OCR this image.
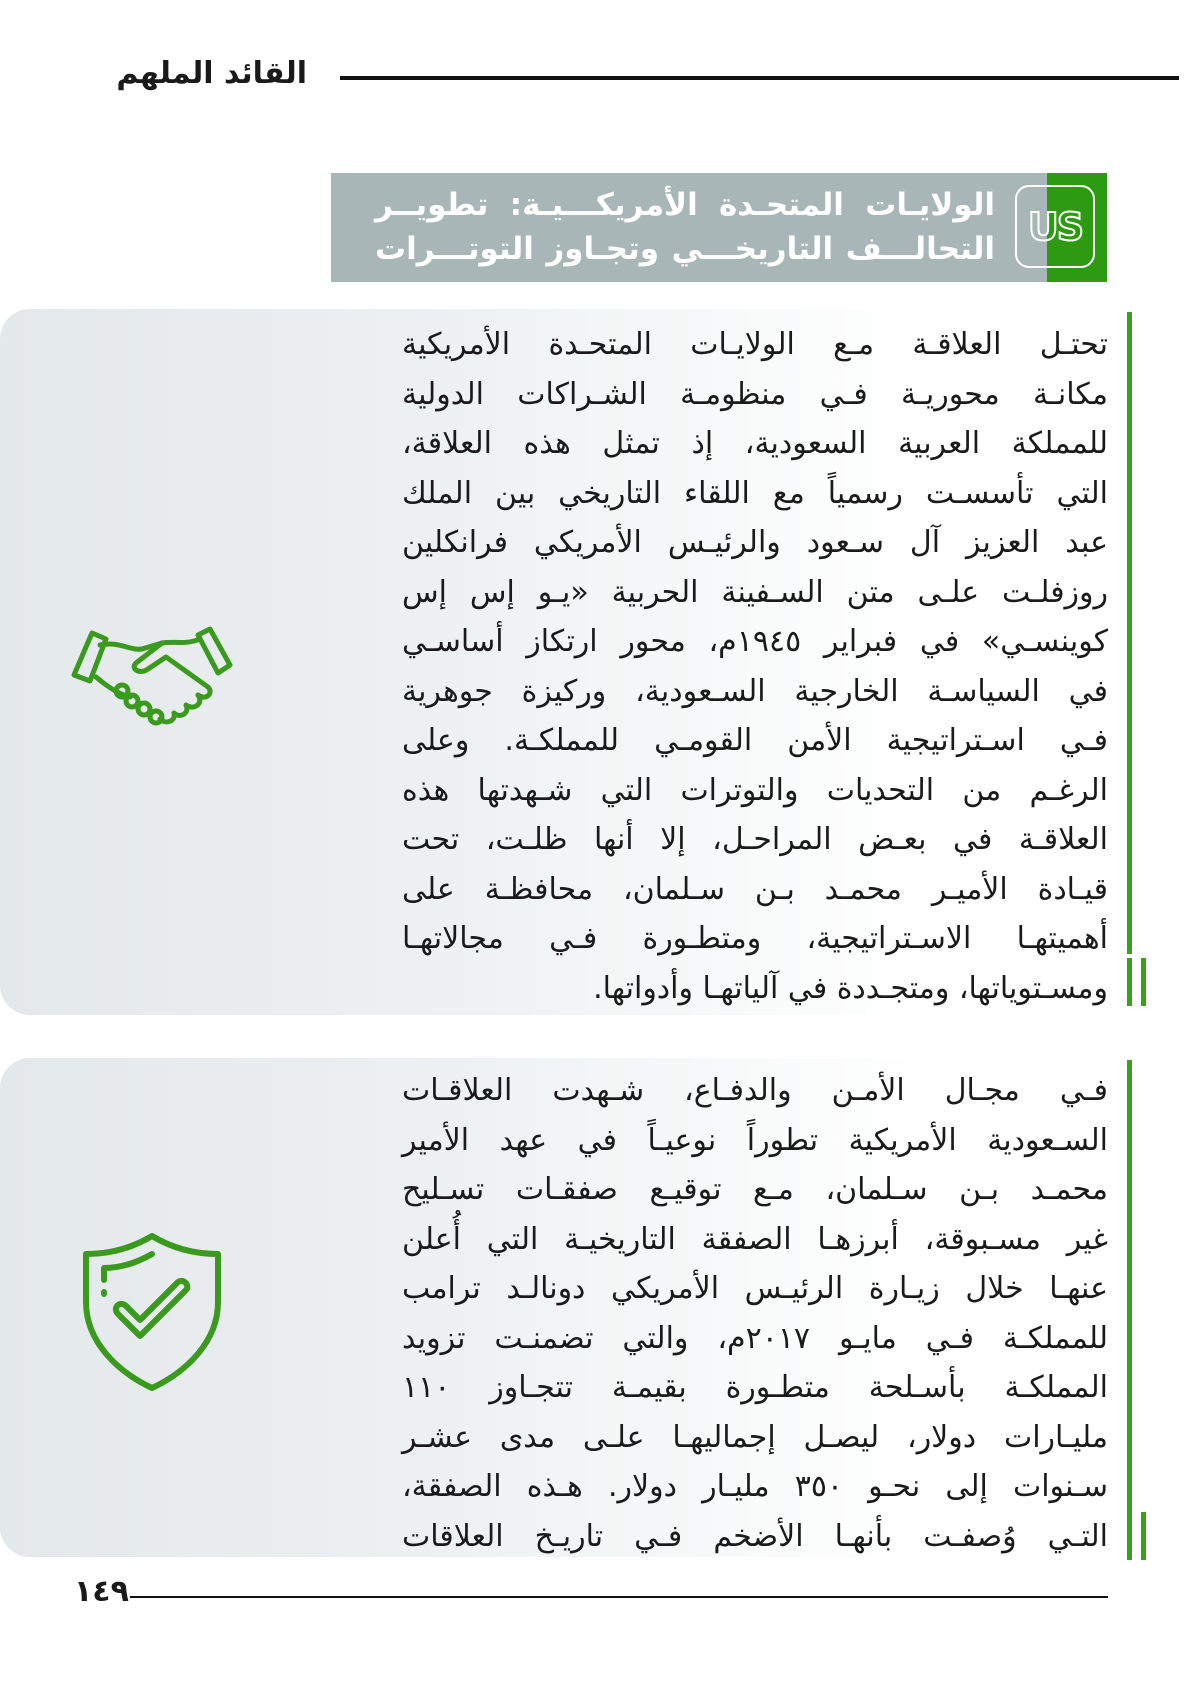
القائد الملهم
US
الولايـات المتحـدة الأمريكـــيـة: تطويــر
التحالـــف التاريخـــي وتجـاوز التوتـــرات
تحتـل العلاقـة مـع الولايـات المتحـدة الأمريكية
مكانـة محوريـة فـي منظومـة الشـراكات الدولية
للمملكة العربية السعودية، إذ تمثل هذه العلاقة،
التي تأسسـت رسمياً مع اللقاء التاريخي بين الملك
عبد العزيز آل سـعود والرئيـس الأمريكي فرانكلين
روزفلـت علـى متن السـفينة الحربية «يـو إس إس
كوينسـي» في فبراير ١٩٤٥م، محور ارتكاز أساسـي
في السياسـة الخارجية السـعودية، وركيزة جوهرية
فـي اسـتراتيجية الأمن القومـي للمملكـة. وعلى
الرغـم من التحديات والتوترات التي شـهدتها هذه
العلاقـة في بعـض المراحـل، إلا أنها ظلـت، تحت
قيـادة الأميـر محمـد بـن سـلمان، محافظـة على
أهميتهـا الاسـتراتيجية، ومتطـورة فـي مجالاتهـا
ومسـتوياتها، ومتجـددة في آلياتهـا وأدواتها.
فـي مجـال الأمـن والدفـاع، شـهدت العلاقـات
السـعودية الأمريكية تطوراً نوعيـاً في عهد الأمير
محمـد بـن سـلمان، مـع توقيـع صفقـات تسـليح
غير مسـبوقة، أبرزهـا الصفقة التاريخيـة التي أُعلن
عنهـا خلال زيـارة الرئيـس الأمريكي دونالـد ترامب
للمملكـة فـي مايـو ٢٠١٧م، والتي تضمنـت تزويد
المملكـة بأسـلحة متطـورة بقيمـة تتجـاوز ١١٠
مليـارات دولار، ليصـل إجماليهـا علـى مدى عشـر
سـنوات إلى نحـو ٣٥٠ مليـار دولار. هـذه الصفقة،
التـي وُصفـت بأنهـا الأضخم فـي تاريـخ العلاقات
١٤٩
